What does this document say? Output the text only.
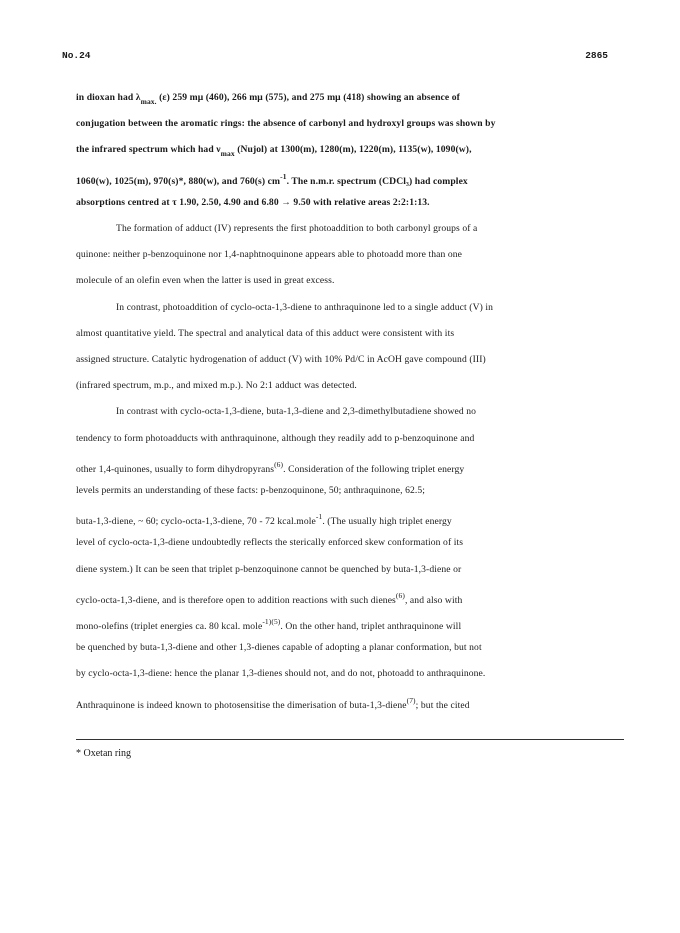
No.24	2865
in dioxan had $\lambda_{max.}$ (ε) 259 mμ (460), 266 mμ (575), and 275 mμ (418) showing an absence of
conjugation between the aromatic rings: the absence of carbonyl and hydroxyl groups was shown by
the infrared spectrum which had $\nu_{max}$ (Nujol) at 1300(m), 1280(m), 1220(m), 1135(w), 1090(w),
1060(w), 1025(m), 970(s)*, 880(w), and 760(s) $cm^{-1}$. The n.m.r. spectrum (CDCl₃) had complex
absorptions centred at τ 1.90, 2.50, 4.90 and 6.80 → 9.50 with relative areas 2:2:1:13.
The formation of adduct (IV) represents the first photoaddition to both carbonyl groups of a
quinone: neither p-benzoquinone nor 1,4-naphtnoquinone appears able to photoadd more than one
molecule of an olefin even when the latter is used in great excess.
In contrast, photoaddition of cyclo-octa-1,3-diene to anthraquinone led to a single adduct (V) in
almost quantitative yield. The spectral and analytical data of this adduct were consistent with its
assigned structure. Catalytic hydrogenation of adduct (V) with 10% Pd/C in AcOH gave compound (III)
(infrared spectrum, m.p., and mixed m.p.). No 2:1 adduct was detected.
In contrast with cyclo-octa-1,3-diene, buta-1,3-diene and 2,3-dimethylbutadiene showed no
tendency to form photoadducts with anthraquinone, although they readily add to p-benzoquinone and
other 1,4-quinones, usually to form dihydropyrans$^{(6)}$. Consideration of the following triplet energy
levels permits an understanding of these facts: p-benzoquinone, 50; anthraquinone, 62.5;
buta-1,3-diene, ~ 60; cyclo-octa-1,3-diene, 70 - 72 kcal.mole$^{-1}$. (The usually high triplet energy
level of cyclo-octa-1,3-diene undoubtedly reflects the sterically enforced skew conformation of its
diene system.) It can be seen that triplet p-benzoquinone cannot be quenched by buta-1,3-diene or
cyclo-octa-1,3-diene, and is therefore open to addition reactions with such dienes$^{(6)}$, and also with
mono-olefins (triplet energies ca. 80 kcal. mole$^{-1)(5)}$. On the other hand, triplet anthraquinone will
be quenched by buta-1,3-diene and other 1,3-dienes capable of adopting a planar conformation, but not
by cyclo-octa-1,3-diene: hence the planar 1,3-dienes should not, and do not, photoadd to anthraquinone.
Anthraquinone is indeed known to photosensitise the dimerisation of buta-1,3-diene$^{(7)}$; but the cited
* Oxetan ring
